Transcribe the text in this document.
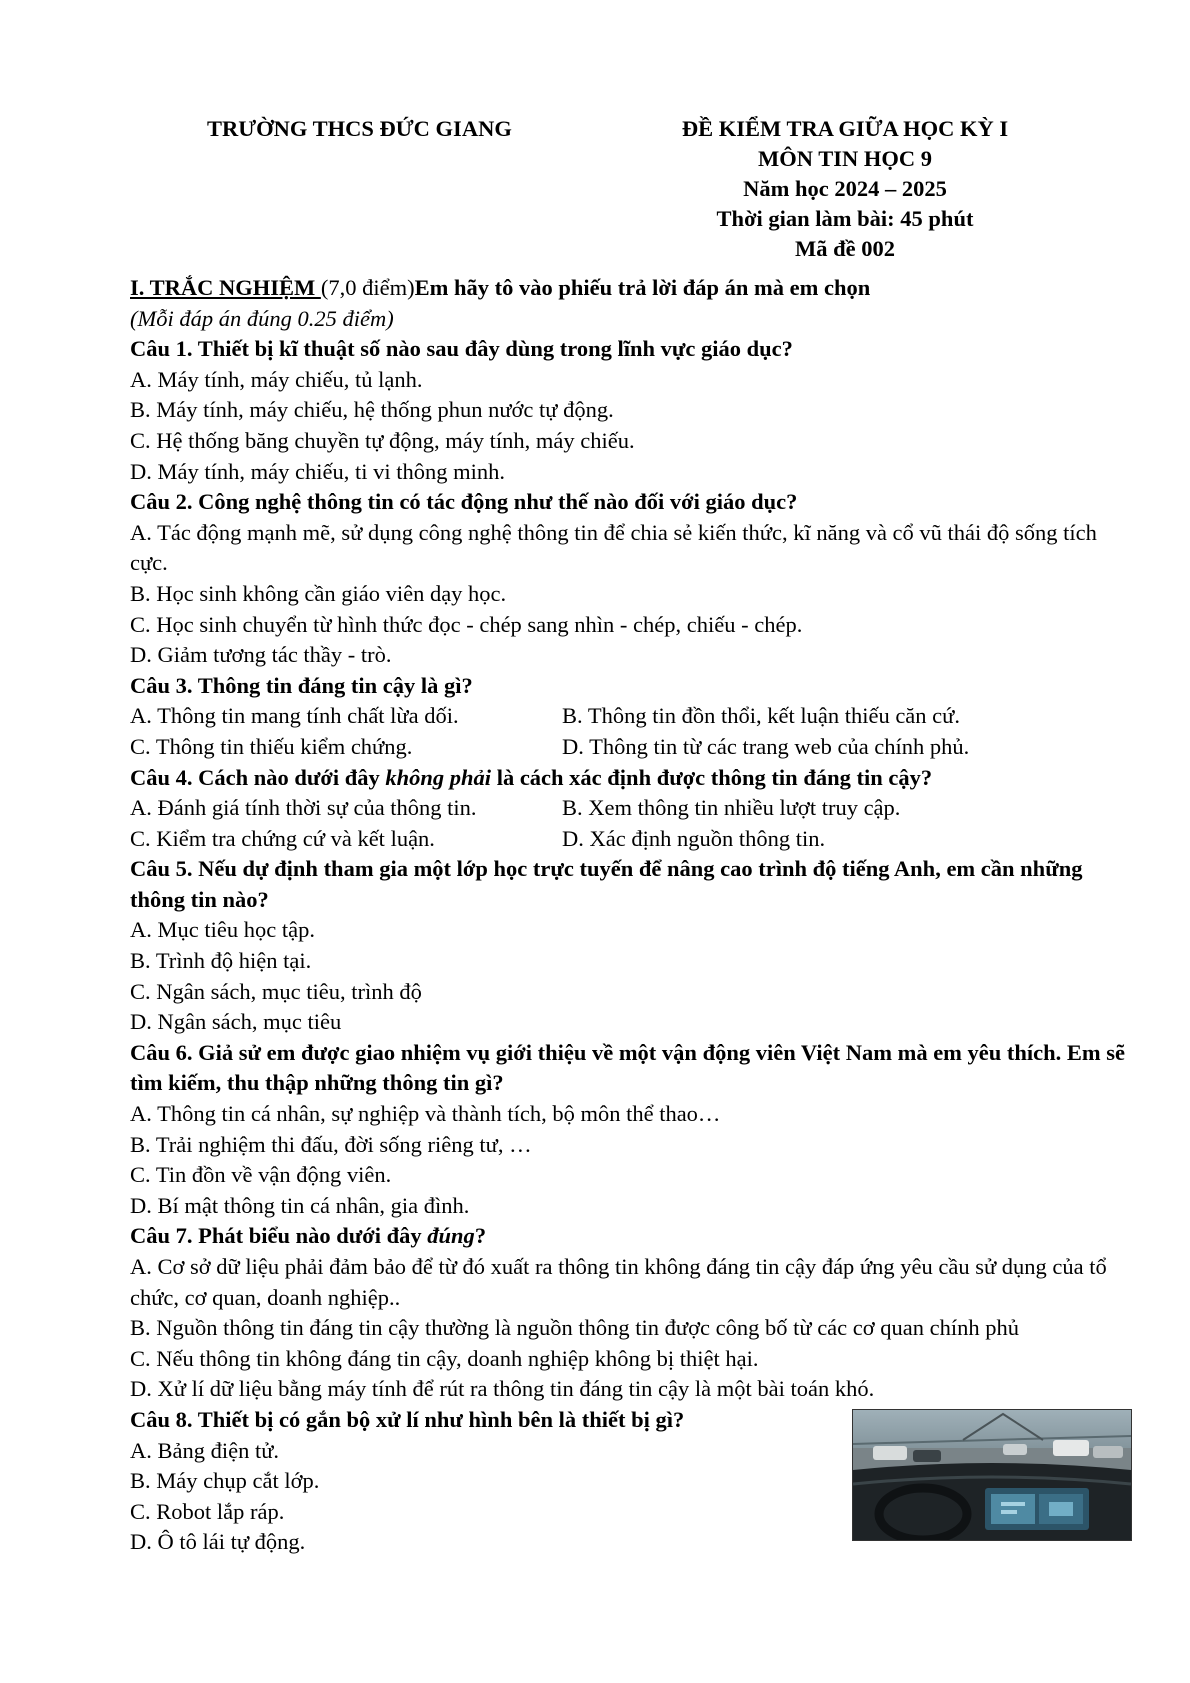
TRƯỜNG THCS ĐỨC GIANG	ĐỀ KIỂM TRA GIỮA HỌC KỲ I
MÔN TIN HỌC 9
Năm học 2024 – 2025
Thời gian làm bài: 45 phút
Mã đề 002
I. TRẮC NGHIỆM (7,0 điểm)Em hãy tô vào phiếu trả lời đáp án mà em chọn
(Mỗi đáp án đúng 0.25 điểm)
Câu 1. Thiết bị kĩ thuật số nào sau đây dùng trong lĩnh vực giáo dục?
A. Máy tính, máy chiếu, tủ lạnh.
B. Máy tính, máy chiếu, hệ thống phun nước tự động.
C. Hệ thống băng chuyền tự động, máy tính, máy chiếu.
D. Máy tính, máy chiếu, ti vi thông minh.
Câu 2. Công nghệ thông tin có tác động như thế nào đối với giáo dục?
A. Tác động mạnh mẽ, sử dụng công nghệ thông tin để chia sẻ kiến thức, kĩ năng và cổ vũ thái độ sống tích cực.
B. Học sinh không cần giáo viên dạy học.
C. Học sinh chuyển từ hình thức đọc - chép sang nhìn - chép, chiếu - chép.
D. Giảm tương tác thầy - trò.
Câu 3. Thông tin đáng tin cậy là gì?
A. Thông tin mang tính chất lừa dối.	B. Thông tin đồn thổi, kết luận thiếu căn cứ.
C. Thông tin thiếu kiểm chứng.	D. Thông tin từ các trang web của chính phủ.
Câu 4. Cách nào dưới đây không phải là cách xác định được thông tin đáng tin cậy?
A. Đánh giá tính thời sự của thông tin.	B. Xem thông tin nhiều lượt truy cập.
C. Kiểm tra chứng cứ và kết luận.	D. Xác định nguồn thông tin.
Câu 5. Nếu dự định tham gia một lớp học trực tuyến để nâng cao trình độ tiếng Anh, em cần những thông tin nào?
A. Mục tiêu học tập.
B. Trình độ hiện tại.
C. Ngân sách, mục tiêu, trình độ
D. Ngân sách, mục tiêu
Câu 6. Giả sử em được giao nhiệm vụ giới thiệu về một vận động viên Việt Nam mà em yêu thích. Em sẽ tìm kiếm, thu thập những thông tin gì?
A. Thông tin cá nhân, sự nghiệp và thành tích, bộ môn thể thao…
B. Trải nghiệm thi đấu, đời sống riêng tư, …
C. Tin đồn về vận động viên.
D. Bí mật thông tin cá nhân, gia đình.
Câu 7. Phát biểu nào dưới đây đúng?
A. Cơ sở dữ liệu phải đảm bảo để từ đó xuất ra thông tin không đáng tin cậy đáp ứng yêu cầu sử dụng của tổ chức, cơ quan, doanh nghiệp..
B. Nguồn thông tin đáng tin cậy thường là nguồn thông tin được công bố từ các cơ quan chính phủ
C. Nếu thông tin không đáng tin cậy, doanh nghiệp không bị thiệt hại.
D. Xử lí dữ liệu bằng máy tính để rút ra thông tin đáng tin cậy là một bài toán khó.
Câu 8. Thiết bị có gắn bộ xử lí như hình bên là thiết bị gì?
A. Bảng điện tử.
B. Máy chụp cắt lớp.
C. Robot lắp ráp.
D. Ô tô lái tự động.
